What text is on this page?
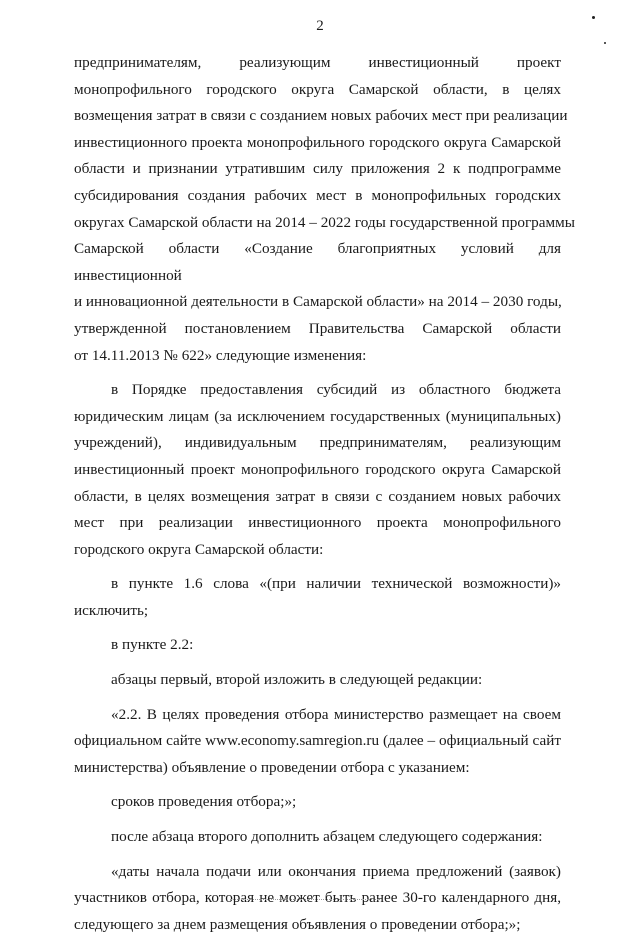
2
предпринимателям, реализующим инвестиционный проект
монопрофильного городского округа Самарской области, в целях
возмещения затрат в связи с созданием новых рабочих мест при реализации
инвестиционного проекта монопрофильного городского округа Самарской
области и признании утратившим силу приложения 2 к подпрограмме
субсидирования создания рабочих мест в монопрофильных городских
округах Самарской области на 2014 – 2022 годы государственной программы
Самарской области «Создание благоприятных условий для инвестиционной
и инновационной деятельности в Самарской области» на 2014 – 2030 годы,
утвержденной постановлением Правительства Самарской области
от 14.11.2013 № 622» следующие изменения:
в Порядке предоставления субсидий из областного бюджета
юридическим лицам (за исключением государственных (муниципальных)
учреждений), индивидуальным предпринимателям, реализующим
инвестиционный проект монопрофильного городского округа Самарской
области, в целях возмещения затрат в связи с созданием новых рабочих
мест при реализации инвестиционного проекта монопрофильного
городского округа Самарской области:
в пункте 1.6 слова «(при наличии технической возможности)»
исключить;
в пункте 2.2:
абзацы первый, второй изложить в следующей редакции:
«2.2. В целях проведения отбора министерство размещает на своем
официальном сайте www.economy.samregion.ru (далее – официальный сайт
министерства) объявление о проведении отбора с указанием:
сроков проведения отбора;»;
после абзаца второго дополнить абзацем следующего содержания:
«даты начала подачи или окончания приема предложений (заявок)
участников отбора, которая не может быть ранее 30-го календарного дня,
следующего за днем размещения объявления о проведении отбора;»;
